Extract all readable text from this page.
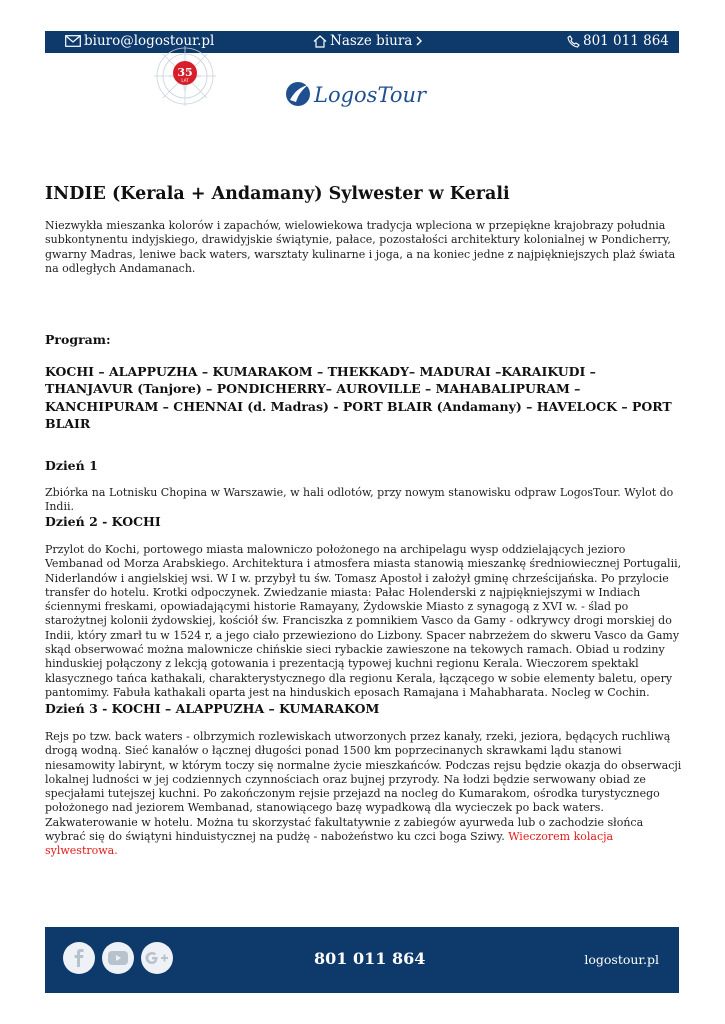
biuro@logostour.pl	Nasze biura	801 011 864
35
LAT
LogosTour
INDIE (Kerala + Andamany) Sylwester w Kerali

Niezwykła mieszanka kolorów i zapachów, wielowiekowa tradycja wpleciona w przepiękne krajobrazy południa subkontynentu indyjskiego, drawidyjskie świątynie, pałace, pozostałości architektury kolonialnej w Pondicherry, gwarny Madras, leniwe back waters, warsztaty kulinarne i joga, a na koniec jedne z najpiękniejszych plaż świata na odległych Andamanach.

Program:

KOCHI – ALAPPUZHA – KUMARAKOM – THEKKADY– MADURAI –KARAIKUDI – THANJAVUR (Tanjore) – PONDICHERRY– AUROVILLE – MAHABALIPURAM – KANCHIPURAM – CHENNAI (d. Madras) - PORT BLAIR (Andamany) – HAVELOCK – PORT BLAIR

Dzień 1

Zbiórka na Lotnisku Chopina w Warszawie, w hali odlotów, przy nowym stanowisku odpraw LogosTour. Wylot do Indii.

Dzień 2 - KOCHI

Przylot do Kochi, portowego miasta malowniczo położonego na archipelagu wysp oddzielających jezioro Vembanad od Morza Arabskiego. Architektura i atmosfera miasta stanowią mieszankę średniowiecznej Portugalii, Niderlandów i angielskiej wsi. W I w. przybył tu św. Tomasz Apostoł i założył gminę chrześcijańska. Po przylocie transfer do hotelu. Krotki odpoczynek. Zwiedzanie miasta: Pałac Holenderski z najpiękniejszymi w Indiach ściennymi freskami, opowiadającymi historie Ramayany, Żydowskie Miasto z synagogą z XVI w. - ślad po starożytnej kolonii żydowskiej, kościół św. Franciszka z pomnikiem Vasco da Gamy - odkrywcy drogi morskiej do Indii, który zmarł tu w 1524 r, a jego ciało przewieziono do Lizbony. Spacer nabrzeżem do skweru Vasco da Gamy skąd obserwować można malownicze chińskie sieci rybackie zawieszone na tekowych ramach. Obiad u rodziny hinduskiej połączony z lekcją gotowania i prezentacją typowej kuchni regionu Kerala. Wieczorem spektakl klasycznego tańca kathakali, charakterystycznego dla regionu Kerala, łączącego w sobie elementy baletu, opery pantomimy. Fabuła kathakali oparta jest na hinduskich eposach Ramajana i Mahabharata. Nocleg w Cochin.

Dzień 3 - KOCHI – ALAPPUZHA – KUMARAKOM

Rejs po tzw. back waters - olbrzymich rozlewiskach utworzonych przez kanały, rzeki, jeziora, będących ruchliwą drogą wodną. Sieć kanałów o łącznej długości ponad 1500 km poprzecinanych skrawkami lądu stanowi niesamowity labirynt, w którym toczy się normalne życie mieszkańców. Podczas rejsu będzie okazja do obserwacji lokalnej ludności w jej codziennych czynnościach oraz bujnej przyrody. Na łodzi będzie serwowany obiad ze specjałami tutejszej kuchni. Po zakończonym rejsie przejazd na nocleg do Kumarakom, ośrodka turystycznego położonego nad jeziorem Wembanad, stanowiącego bazę wypadkową dla wycieczek po back waters. Zakwaterowanie w hotelu. Można tu skorzystać fakultatywnie z zabiegów ayurweda lub o zachodzie słońca wybrać się do świątyni hinduistycznej na pudżę - nabożeństwo ku czci boga Sziwy. Wieczorem kolacja sylwestrowa.

801 011 864	logostour.pl
